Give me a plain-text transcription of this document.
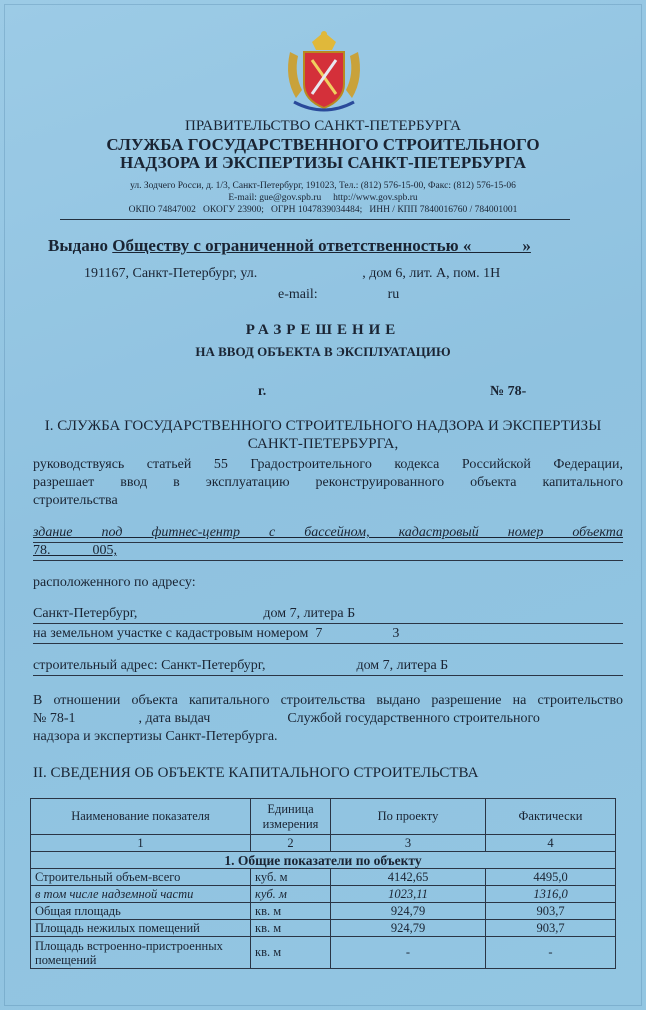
ПРАВИТЕЛЬСТВО САНКТ-ПЕТЕРБУРГА
СЛУЖБА ГОСУДАРСТВЕННОГО СТРОИТЕЛЬНОГО
НАДЗОРА И ЭКСПЕРТИЗЫ САНКТ-ПЕТЕРБУРГА
ул. Зодчего Росси, д. 1/3, Санкт-Петербург, 191023, Тел.: (812) 576-15-00, Факс: (812) 576-15-06
E-mail: gue@gov.spb.ru     http://www.gov.spb.ru
ОКПО 74847002   ОКОГУ 23900;   ОГРН 1047839034484;   ИНН / КПП 7840016760 / 784001001
Выдано Обществу с ограниченной ответственностью «            »
191167, Санкт-Петербург, ул.                              , дом 6, лит. А, пом. 1Н
e-mail:                    ru
РАЗРЕШЕНИЕ
НА ВВОД ОБЪЕКТА В ЭКСПЛУАТАЦИЮ
г.	№ 78-
I. СЛУЖБА ГОСУДАРСТВЕННОГО СТРОИТЕЛЬНОГО НАДЗОРА И ЭКСПЕРТИЗЫ
САНКТ-ПЕТЕРБУРГА,
руководствуясь статьей 55 Градостроительного кодекса Российской Федерации,
разрешает ввод в эксплуатацию реконструированного объекта капитального
строительства
здание под фитнес-центр с бассейном, кадастровый номер объекта
78.            005,
расположенного по адресу:
Санкт-Петербург,                                    дом 7, литера Б
на земельном участке с кадастровым номером  7                    3
строительный адрес: Санкт-Петербург,                          дом 7, литера Б
В отношении объекта капитального строительства выдано разрешение на строительство
№ 78-1                  , дата выдач                      Службой государственного строительного
надзора и экспертизы Санкт-Петербурга.
II. СВЕДЕНИЯ ОБ ОБЪЕКТЕ КАПИТАЛЬНОГО СТРОИТЕЛЬСТВА
Наименование показателя	Единица измерения	По проекту	Фактически
1	2	3	4
1. Общие показатели по объекту			
Строительный объем-всего	куб. м	4142,65	4495,0
в том числе надземной части	куб. м	1023,11	1316,0
Общая площадь	кв. м	924,79	903,7
Площадь нежилых помещений	кв. м	924,79	903,7
Площадь встроенно-пристроенных помещений	кв. м	-	-
